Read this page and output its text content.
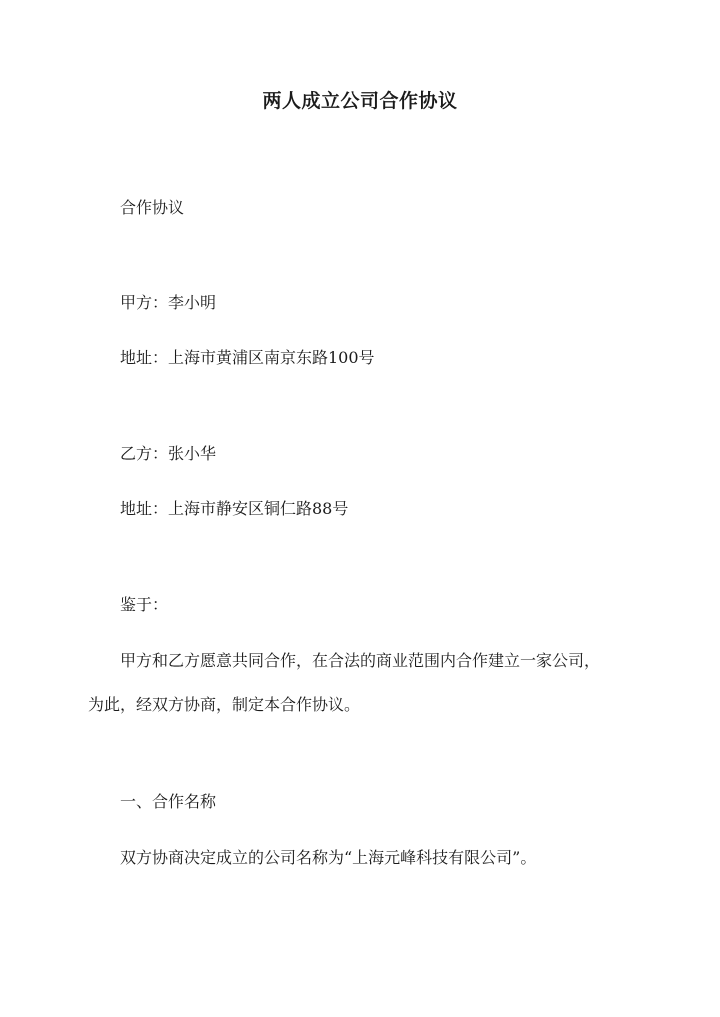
两人成立公司合作协议
合作协议
甲方：李小明
地址：上海市黄浦区南京东路100号
乙方：张小华
地址：上海市静安区铜仁路88号
鉴于：
甲方和乙方愿意共同合作，在合法的商业范围内合作建立一家公司，
为此，经双方协商，制定本合作协议。
一、合作名称
双方协商决定成立的公司名称为“上海元峰科技有限公司”。
